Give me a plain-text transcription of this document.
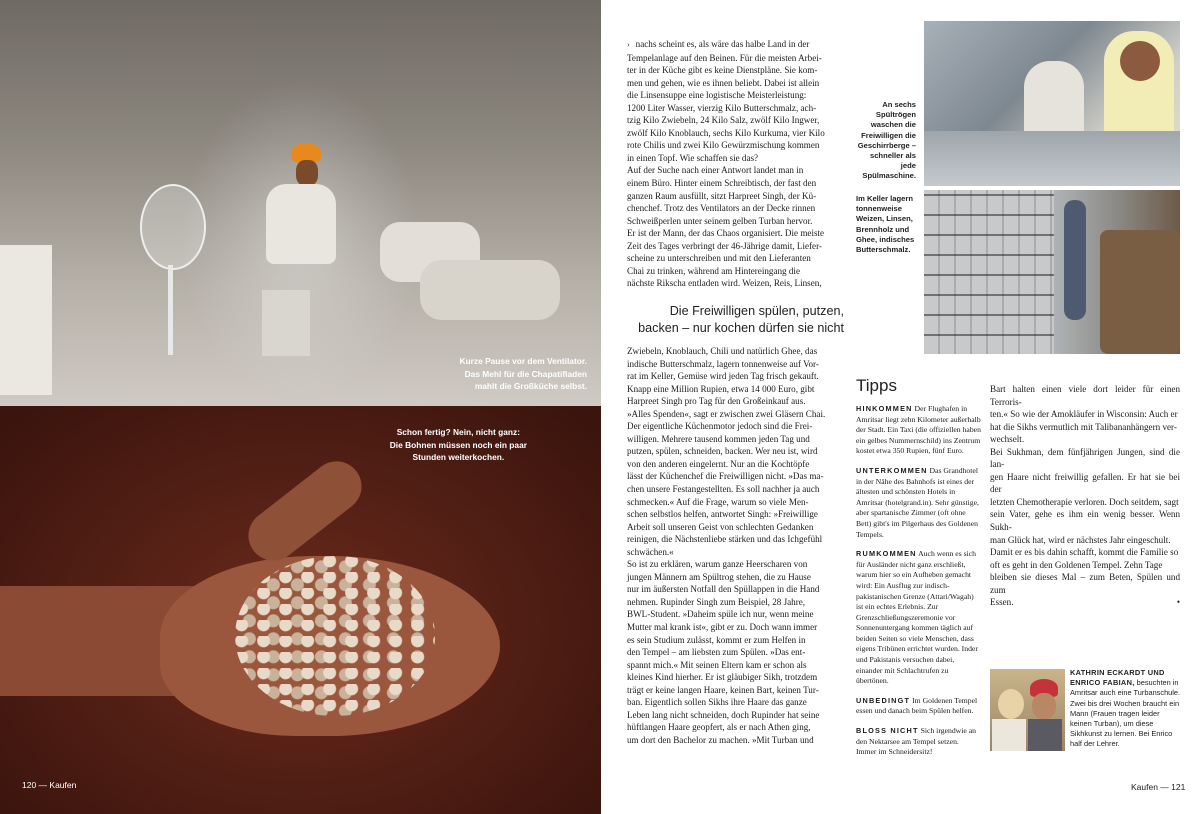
Kurze Pause vor dem Ventilator.
Das Mehl für die Chapatifladen
mahlt die Großküche selbst.
Schon fertig? Nein, nicht ganz:
Die Bohnen müssen noch ein paar
Stunden weiterkochen.
120 — Kaufen
› nachs scheint es, als wäre das halbe Land in der
Tempelanlage auf den Beinen. Für die meisten Arbei-
ter in der Küche gibt es keine Dienstpläne. Sie kom-
men und gehen, wie es ihnen beliebt. Dabei ist allein
die Linsensuppe eine logistische Meisterleistung:
1200 Liter Wasser, vierzig Kilo Butterschmalz, ach-
tzig Kilo Zwiebeln, 24 Kilo Salz, zwölf Kilo Ingwer,
zwölf Kilo Knoblauch, sechs Kilo Kurkuma, vier Kilo
rote Chilis und zwei Kilo Gewürzmischung kommen
in einen Topf. Wie schaffen sie das?
Auf der Suche nach einer Antwort landet man in
einem Büro. Hinter einem Schreibtisch, der fast den
ganzen Raum ausfüllt, sitzt Harpreet Singh, der Kü-
chenchef. Trotz des Ventilators an der Decke rinnen
Schweißperlen unter seinem gelben Turban hervor.
Er ist der Mann, der das Chaos organisiert. Die meiste
Zeit des Tages verbringt der 46-Jährige damit, Liefer-
scheine zu unterschreiben und mit den Lieferanten
Chai zu trinken, während am Hintereingang die
nächste Rikscha entladen wird. Weizen, Reis, Linsen,
Die Freiwilligen spülen, putzen,
backen – nur kochen dürfen sie nicht
Zwiebeln, Knoblauch, Chili und natürlich Ghee, das
indische Butterschmalz, lagern tonnenweise auf Vor-
rat im Keller, Gemüse wird jeden Tag frisch gekauft.
Knapp eine Million Rupien, etwa 14 000 Euro, gibt
Harpreet Singh pro Tag für den Großeinkauf aus.
»Alles Spenden«, sagt er zwischen zwei Gläsern Chai.
Der eigentliche Küchenmotor jedoch sind die Frei-
willigen. Mehrere tausend kommen jeden Tag und
putzen, spülen, schneiden, backen. Wer neu ist, wird
von den anderen eingelernt. Nur an die Kochtöpfe
lässt der Küchenchef die Freiwilligen nicht. »Das ma-
chen unsere Festangestellten. Es soll nachher ja auch
schmecken.« Auf die Frage, warum so viele Men-
schen selbstlos helfen, antwortet Singh: »Freiwillige
Arbeit soll unseren Geist von schlechten Gedanken
reinigen, die Nächstenliebe stärken und das Ichgefühl
schwächen.«
So ist zu erklären, warum ganze Heerscharen von
jungen Männern am Spültrog stehen, die zu Hause
nur im äußersten Notfall den Spüllappen in die Hand
nehmen. Rupinder Singh zum Beispiel, 28 Jahre,
BWL-Student. »Daheim spüle ich nur, wenn meine
Mutter mal krank ist«, gibt er zu. Doch wann immer
es sein Studium zulässt, kommt er zum Helfen in
den Tempel – am liebsten zum Spülen. »Das ent-
spannt mich.« Mit seinen Eltern kam er schon als
kleines Kind hierher. Er ist gläubiger Sikh, trotzdem
trägt er keine langen Haare, keinen Bart, keinen Tur-
ban. Eigentlich sollen Sikhs ihre Haare das ganze
Leben lang nicht schneiden, doch Rupinder hat seine
hüftlangen Haare geopfert, als er nach Athen ging,
um dort den Bachelor zu machen. »Mit Turban und
An sechs
Spültrögen
waschen die
Freiwilligen die
Geschirrberge –
schneller als
jede
Spülmaschine.
Im Keller lagern
tonnenweise
Weizen, Linsen,
Brennholz und
Ghee, indisches
Butterschmalz.
Tipps
HINKOMMEN Der Flughafen in Amritsar liegt zehn Kilometer außerhalb der Stadt. Ein Taxi (die offiziellen haben ein gelbes Nummernschild) ins Zentrum kostet etwa 350 Rupien, fünf Euro.
UNTERKOMMEN Das Grandhotel in der Nähe des Bahnhofs ist eines der ältesten und schönsten Hotels in Amritsar (hotelgrand.in). Sehr günstige, aber spartanische Zimmer (oft ohne Bett) gibt's im Pilgerhaus des Goldenen Tempels.
RUMKOMMEN Auch wenn es sich für Ausländer nicht ganz erschließt, warum hier so ein Aufheben gemacht wird: Ein Ausflug zur indisch-pakistanischen Grenze (Attari/Wagah) ist ein echtes Erlebnis. Zur Grenzschließungszeremonie vor Sonnenuntergang kommen täglich auf beiden Seiten so viele Menschen, dass eigens Tribünen errichtet wurden. Inder und Pakistanis versuchen dabei, einander mit Schlachtrufen zu übertönen.
UNBEDINGT Im Goldenen Tempel essen und danach beim Spülen helfen.
BLOSS NICHT Sich irgendwie an den Nektarsee am Tempel setzen. Immer im Schneidersitz!
Bart halten einen viele dort leider für einen Terroris-
ten.« So wie der Amokläufer in Wisconsin: Auch er
hat die Sikhs vermutlich mit Talibananhängern ver-
wechselt.
Bei Sukhman, dem fünfjährigen Jungen, sind die lan-
gen Haare nicht freiwillig gefallen. Er hat sie bei der
letzten Chemotherapie verloren. Doch seitdem, sagt
sein Vater, gehe es ihm ein wenig besser. Wenn Sukh-
man Glück hat, wird er nächstes Jahr eingeschult.
Damit er es bis dahin schafft, kommt die Familie so
oft es geht in den Goldenen Tempel. Zehn Tage
bleiben sie dieses Mal – zum Beten, Spülen und zum
Essen.	•
KATHRIN ECKARDT UND ENRICO FABIAN, besuchten in Amritsar auch eine Turbanschule. Zwei bis drei Wochen braucht ein Mann (Frauen tragen leider keinen Turban), um diese Sikhkunst zu lernen. Bei Enrico half der Lehrer.
Kaufen — 121
